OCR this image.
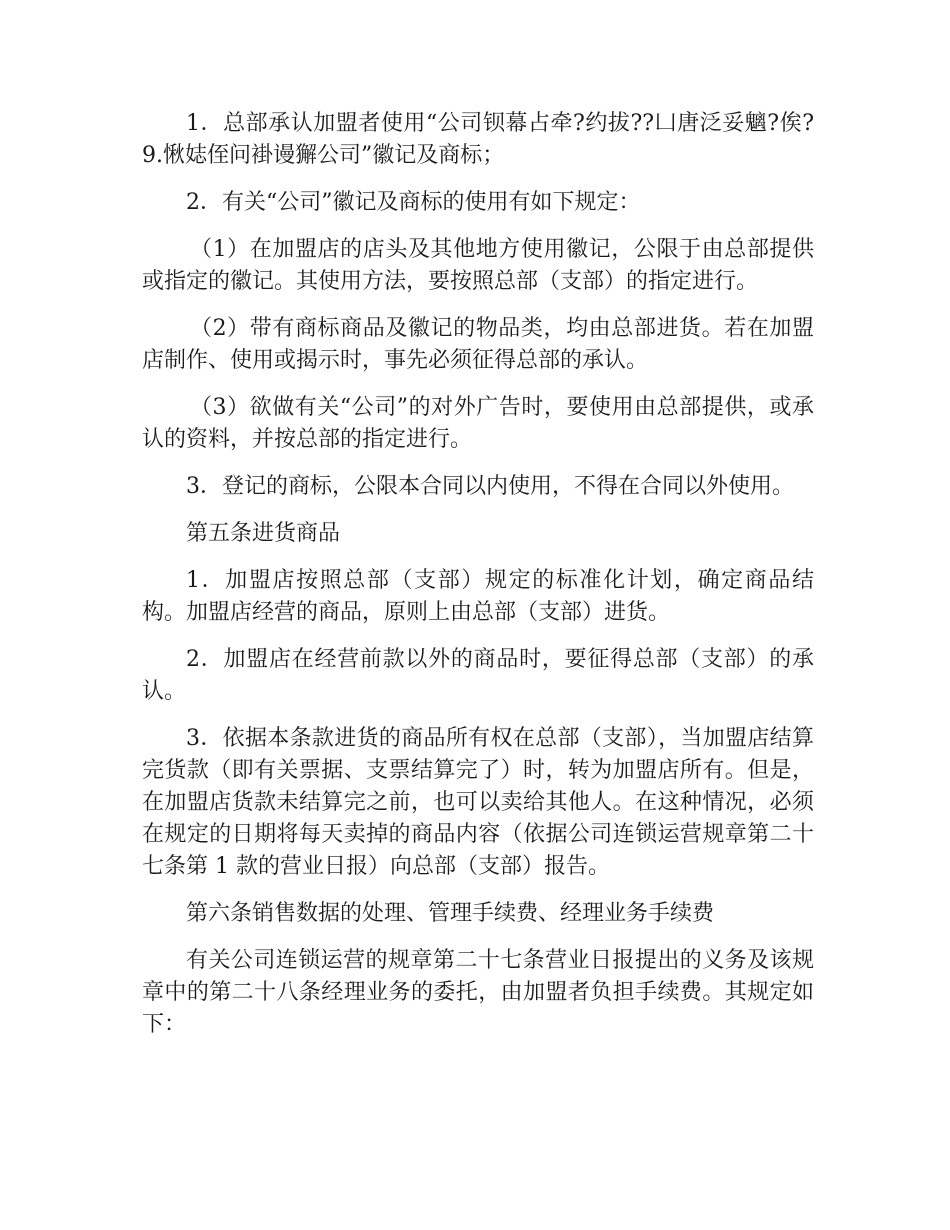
1．总部承认加盟者使用“公司钡幕占牵?约拔??凵唐泛妥魑?俟? 9.愀娡侄问褂谩獬公司”徽记及商标；

2．有关“公司”徽记及商标的使用有如下规定：

（1）在加盟店的店头及其他地方使用徽记，公限于由总部提供或指定的徽记。其使用方法，要按照总部（支部）的指定进行。

（2）带有商标商品及徽记的物品类，均由总部进货。若在加盟店制作、使用或揭示时，事先必须征得总部的承认。

（3）欲做有关“公司”的对外广告时，要使用由总部提供，或承认的资料，并按总部的指定进行。

3．登记的商标，公限本合同以内使用，不得在合同以外使用。

第五条进货商品

1．加盟店按照总部（支部）规定的标准化计划，确定商品结构。加盟店经营的商品，原则上由总部（支部）进货。

2．加盟店在经营前款以外的商品时，要征得总部（支部）的承认。

3．依据本条款进货的商品所有权在总部（支部），当加盟店结算完货款（即有关票据、支票结算完了）时，转为加盟店所有。但是，在加盟店货款未结算完之前，也可以卖给其他人。在这种情况，必须在规定的日期将每天卖掉的商品内容（依据公司连锁运营规章第二十七条第 1 款的营业日报）向总部（支部）报告。

第六条销售数据的处理、管理手续费、经理业务手续费

有关公司连锁运营的规章第二十七条营业日报提出的义务及该规章中的第二十八条经理业务的委托，由加盟者负担手续费。其规定如下：
